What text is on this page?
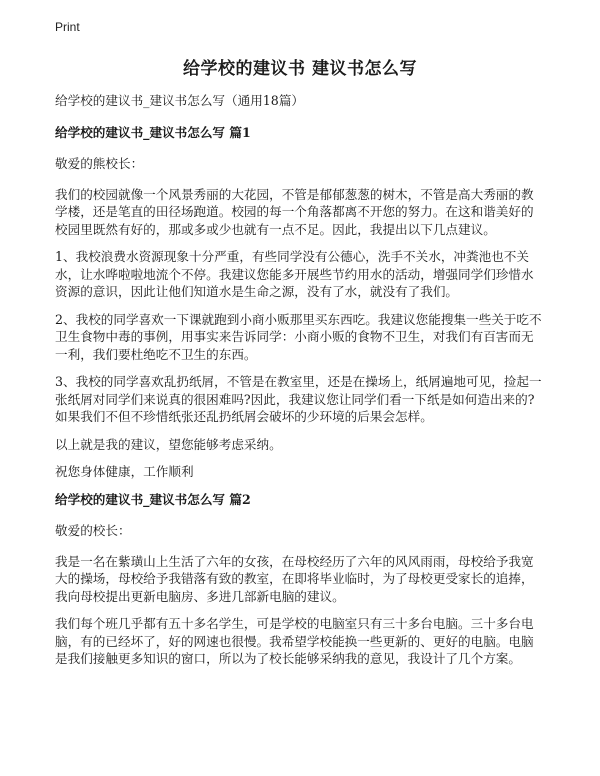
Print
给学校的建议书 建议书怎么写

给学校的建议书_建议书怎么写（通用18篇）

给学校的建议书_建议书怎么写 篇1

敬爱的熊校长：

我们的校园就像一个风景秀丽的大花园，不管是郁郁葱葱的树木，不管是高大秀丽的教学楼，还是笔直的田径场跑道。校园的每一个角落都离不开您的努力。在这和谐美好的校园里既然有好的，那或多或少也就有一点不足。因此，我提出以下几点建议。

1、我校浪费水资源现象十分严重，有些同学没有公德心，洗手不关水，冲粪池也不关水，让水哗啦啦地流个不停。我建议您能多开展些节约用水的活动，增强同学们珍惜水资源的意识，因此让他们知道水是生命之源，没有了水，就没有了我们。

2、我校的同学喜欢一下课就跑到小商小贩那里买东西吃。我建议您能搜集一些关于吃不卫生食物中毒的事例，用事实来告诉同学：小商小贩的食物不卫生，对我们有百害而无一利，我们要杜绝吃不卫生的东西。

3、我校的同学喜欢乱扔纸屑，不管是在教室里，还是在操场上，纸屑遍地可见，捡起一张纸屑对同学们来说真的很困难吗?因此，我建议您让同学们看一下纸是如何造出来的?如果我们不但不珍惜纸张还乱扔纸屑会破坏的少环境的后果会怎样。

以上就是我的建议，望您能够考虑采纳。

祝您身体健康，工作顺利

给学校的建议书_建议书怎么写 篇2

敬爱的校长：

我是一名在紫璜山上生活了六年的女孩，在母校经历了六年的风风雨雨，母校给予我宽大的操场，母校给予我错落有致的教室，在即将毕业临时，为了母校更受家长的追捧，我向母校提出更新电脑房、多进几部新电脑的建议。

我们每个班几乎都有五十多名学生，可是学校的电脑室只有三十多台电脑。三十多台电脑，有的已经坏了，好的网速也很慢。我希望学校能换一些更新的、更好的电脑。电脑是我们接触更多知识的窗口，所以为了校长能够采纳我的意见，我设计了几个方案。
